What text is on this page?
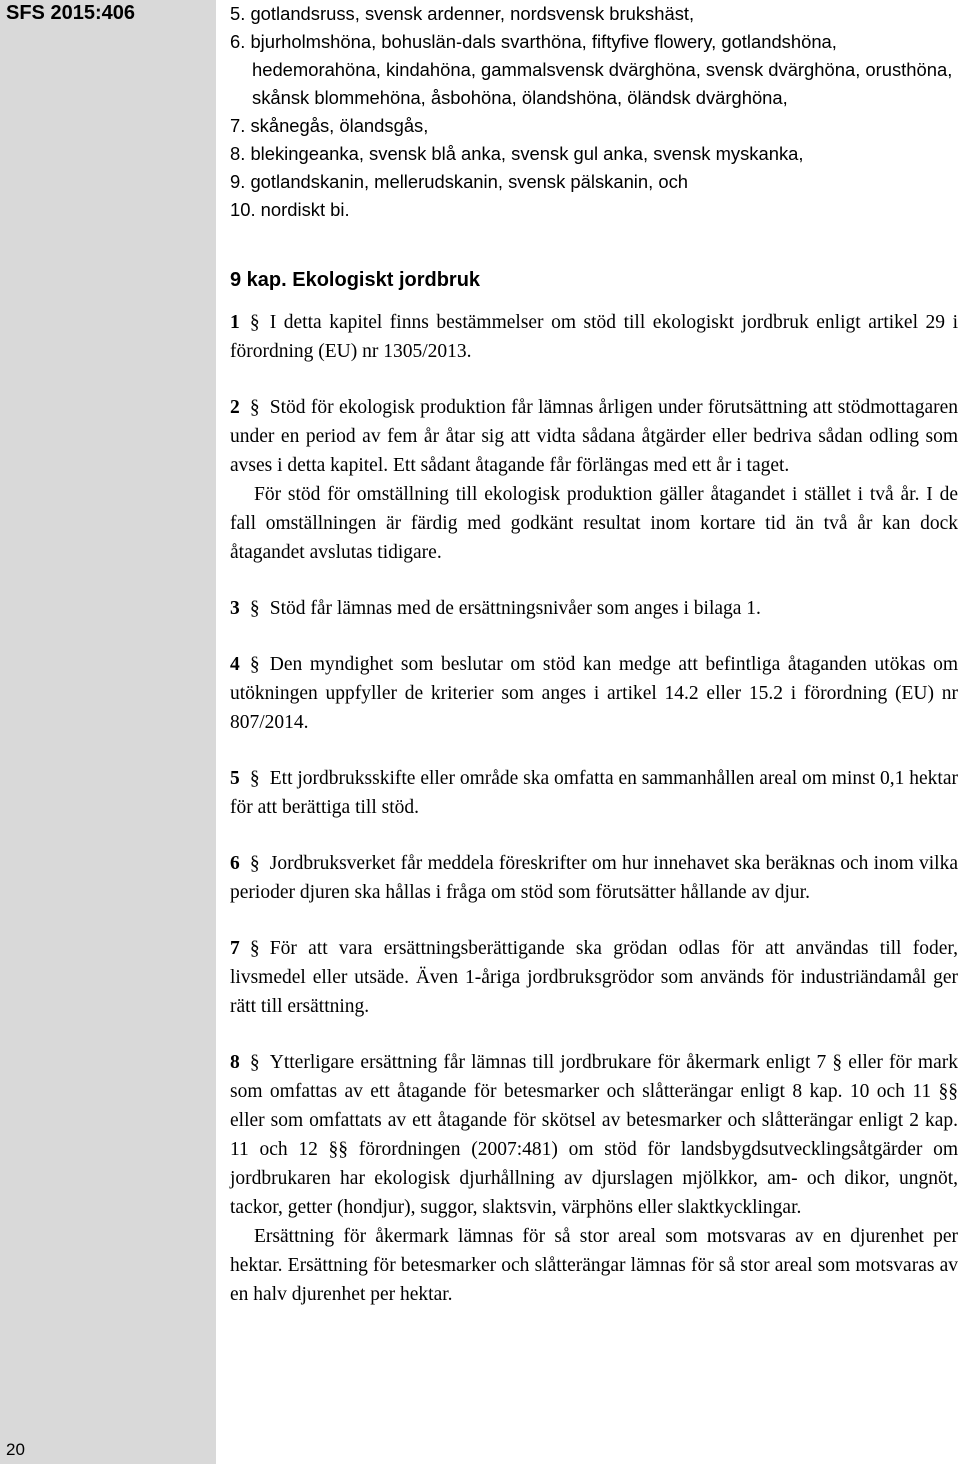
SFS 2015:406
20
5. gotlandsruss, svensk ardenner, nordsvensk brukshäst,
6. bjurholmshöna, bohuslän-dals svarthöna, fiftyfive flowery, gotlandshöna, hedemorahöna, kindahöna, gammalsvensk dvärghöna, svensk dvärghöna, orusthöna, skånsk blommehöna, åsbohöna, ölandshöna, öländsk dvärghöna,
7. skånegås, ölandsgås,
8. blekingeanka, svensk blå anka, svensk gul anka, svensk myskanka,
9. gotlandskanin, mellerudskanin, svensk pälskanin, och
10. nordiskt bi.
9 kap. Ekologiskt jordbruk

1 § I detta kapitel finns bestämmelser om stöd till ekologiskt jordbruk enligt artikel 29 i förordning (EU) nr 1305/2013.

2 § Stöd för ekologisk produktion får lämnas årligen under förutsättning att stödmottagaren under en period av fem år åtar sig att vidta sådana åtgärder eller bedriva sådan odling som avses i detta kapitel. Ett sådant åtagande får förlängas med ett år i taget.

För stöd för omställning till ekologisk produktion gäller åtagandet i stället i två år. I de fall omställningen är färdig med godkänt resultat inom kortare tid än två år kan dock åtagandet avslutas tidigare.

3 § Stöd får lämnas med de ersättningsnivåer som anges i bilaga 1.

4 § Den myndighet som beslutar om stöd kan medge att befintliga åtaganden utökas om utökningen uppfyller de kriterier som anges i artikel 14.2 eller 15.2 i förordning (EU) nr 807/2014.

5 § Ett jordbruksskifte eller område ska omfatta en sammanhållen areal om minst 0,1 hektar för att berättiga till stöd.

6 § Jordbruksverket får meddela föreskrifter om hur innehavet ska beräknas och inom vilka perioder djuren ska hållas i fråga om stöd som förutsätter hållande av djur.

7 § För att vara ersättningsberättigande ska grödan odlas för att användas till foder, livsmedel eller utsäde. Även 1-åriga jordbruksgrödor som används för industriändamål ger rätt till ersättning.

8 § Ytterligare ersättning får lämnas till jordbrukare för åkermark enligt 7 § eller för mark som omfattas av ett åtagande för betesmarker och slåtterängar enligt 8 kap. 10 och 11 §§ eller som omfattats av ett åtagande för skötsel av betesmarker och slåtterängar enligt 2 kap. 11 och 12 §§ förordningen (2007:481) om stöd för landsbygdsutvecklingsåtgärder om jordbrukaren har ekologisk djurhållning av djurslagen mjölkkor, am- och dikor, ungnöt, tackor, getter (hondjur), suggor, slaktsvin, värphöns eller slaktkycklingar.

Ersättning för åkermark lämnas för så stor areal som motsvaras av en djurenhet per hektar. Ersättning för betesmarker och slåtterängar lämnas för så stor areal som motsvaras av en halv djurenhet per hektar.
